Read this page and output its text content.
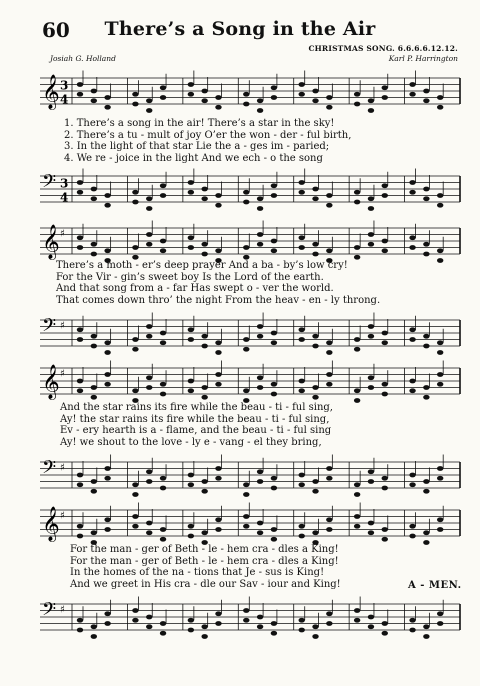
60	There’s a Song in the Air
Josiah G. Holland
CHRISTMAS SONG. 6.6.6.6.12.12.
Karl P. Harrington
𝄞 3
4
1. There’s a song in the air! There’s a star in the sky!
2. There’s a tu - mult of joy O’er the won - der - ful birth,
3. In the light of that star Lie the a - ges im - paried;
4. We re - joice in the light And we ech - o the song
𝄢 3
4
𝄞 ♯
There’s a moth - er’s deep prayer And a ba - by’s low cry!
For the Vir - gin’s sweet boy Is the Lord of the earth.
And that song from a - far Has swept o - ver the world.
That comes down thro’ the night From the heav - en - ly throng.
𝄢 ♯
𝄞 ♯
And the star rains its fire while the beau - ti - ful sing,
Ay! the star rains its fire while the beau - ti - ful sing,
Ev - ery hearth is a - flame, and the beau - ti - ful sing
Ay! we shout to the love - ly e - vang - el they bring,
𝄢 ♯
𝄞 ♯
For the man - ger of Beth - le - hem cra - dles a King!
For the man - ger of Beth - le - hem cra - dles a King!
In the homes of the na - tions that Je - sus is King!
And we greet in His cra - dle our Sav - iour and King!	A - MEN.
𝄢 ♯
